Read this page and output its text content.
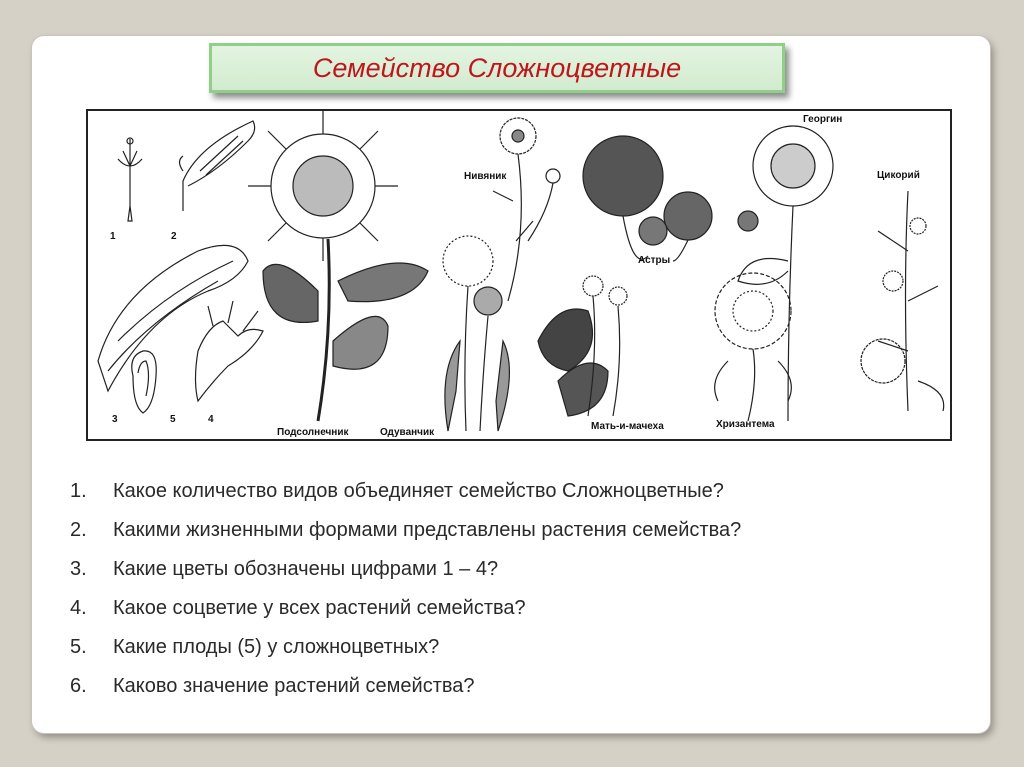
Семейство Сложноцветные
1	2
3	5	4
Подсолнечник	Одуванчик
Нивяник
Астры
Мать-и-мачеха
Георгин
Цикорий
Хризантема
1.	Какое количество видов объединяет семейство Сложноцветные?
2.	Какими жизненными формами представлены растения семейства?
3.	Какие цветы обозначены цифрами 1 – 4?
4.	Какое соцветие у всех растений семейства?
5.	Какие плоды (5) у сложноцветных?
6.	Каково значение растений семейства?
